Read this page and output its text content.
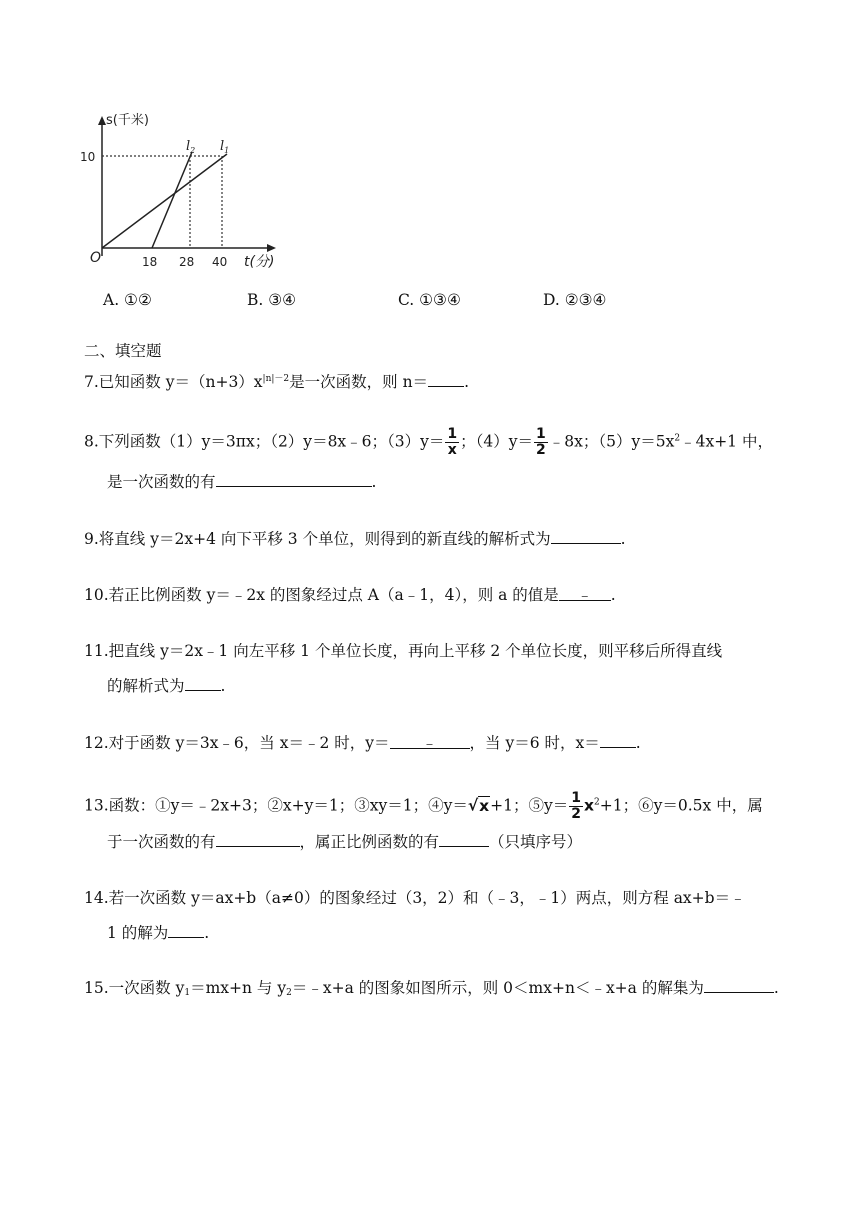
s(千米)
t(分)
O
10
18 28 40
$l_2$ $l_1$
A. ①②	B. ③④	C. ①③④	D. ②③④
二、填空题
7.已知函数 $y=(n+3)x^{|n|-2}$是一次函数，则 n＝ .
8.下列函数（1）y＝3πx；（2）y＝8x﹣6；$(3)y= \frac{1}{x}$ ；$(4)y= \frac{1}{2}$ ﹣8x；$(5)y=5x^2﹣4x+1$ 中，
是一次函数的有	.
9.将直线 y＝2x+4 向下平移 3 个单位，则得到的新直线的解析式为	.
10.若正比例函数 y＝﹣2x 的图象经过点 A（a﹣1，4），则 a 的值是 ﹣ .
11.把直线 y＝2x﹣1 向左平移 1 个单位长度，再向上平移 2 个单位长度，则平移后所得直线
的解析式为 .
12.对于函数 y＝3x﹣6，当 x＝﹣2 时，y＝ ﹣ ，当 y＝6 时，x＝ .
13.函数：①y＝﹣2x+3；②x+y＝1；③xy＝1；④y＝√x+1；⑤y＝ $\frac{1}{2} x^2+1$；⑥y＝0.5x 中，属
于一次函数的有	，属正比例函数的有	（只填序号）
14.若一次函数 y＝ax+b（a≠0）的图象经过（3，2）和（﹣3，﹣1）两点，则方程 ax+b＝﹣
1 的解为 .
15.一次函数 $y_1=mx+n$ 与 $y_2=﹣x+a$ 的图象如图所示，则 0＜mx+n＜﹣x+a 的解集为	.
